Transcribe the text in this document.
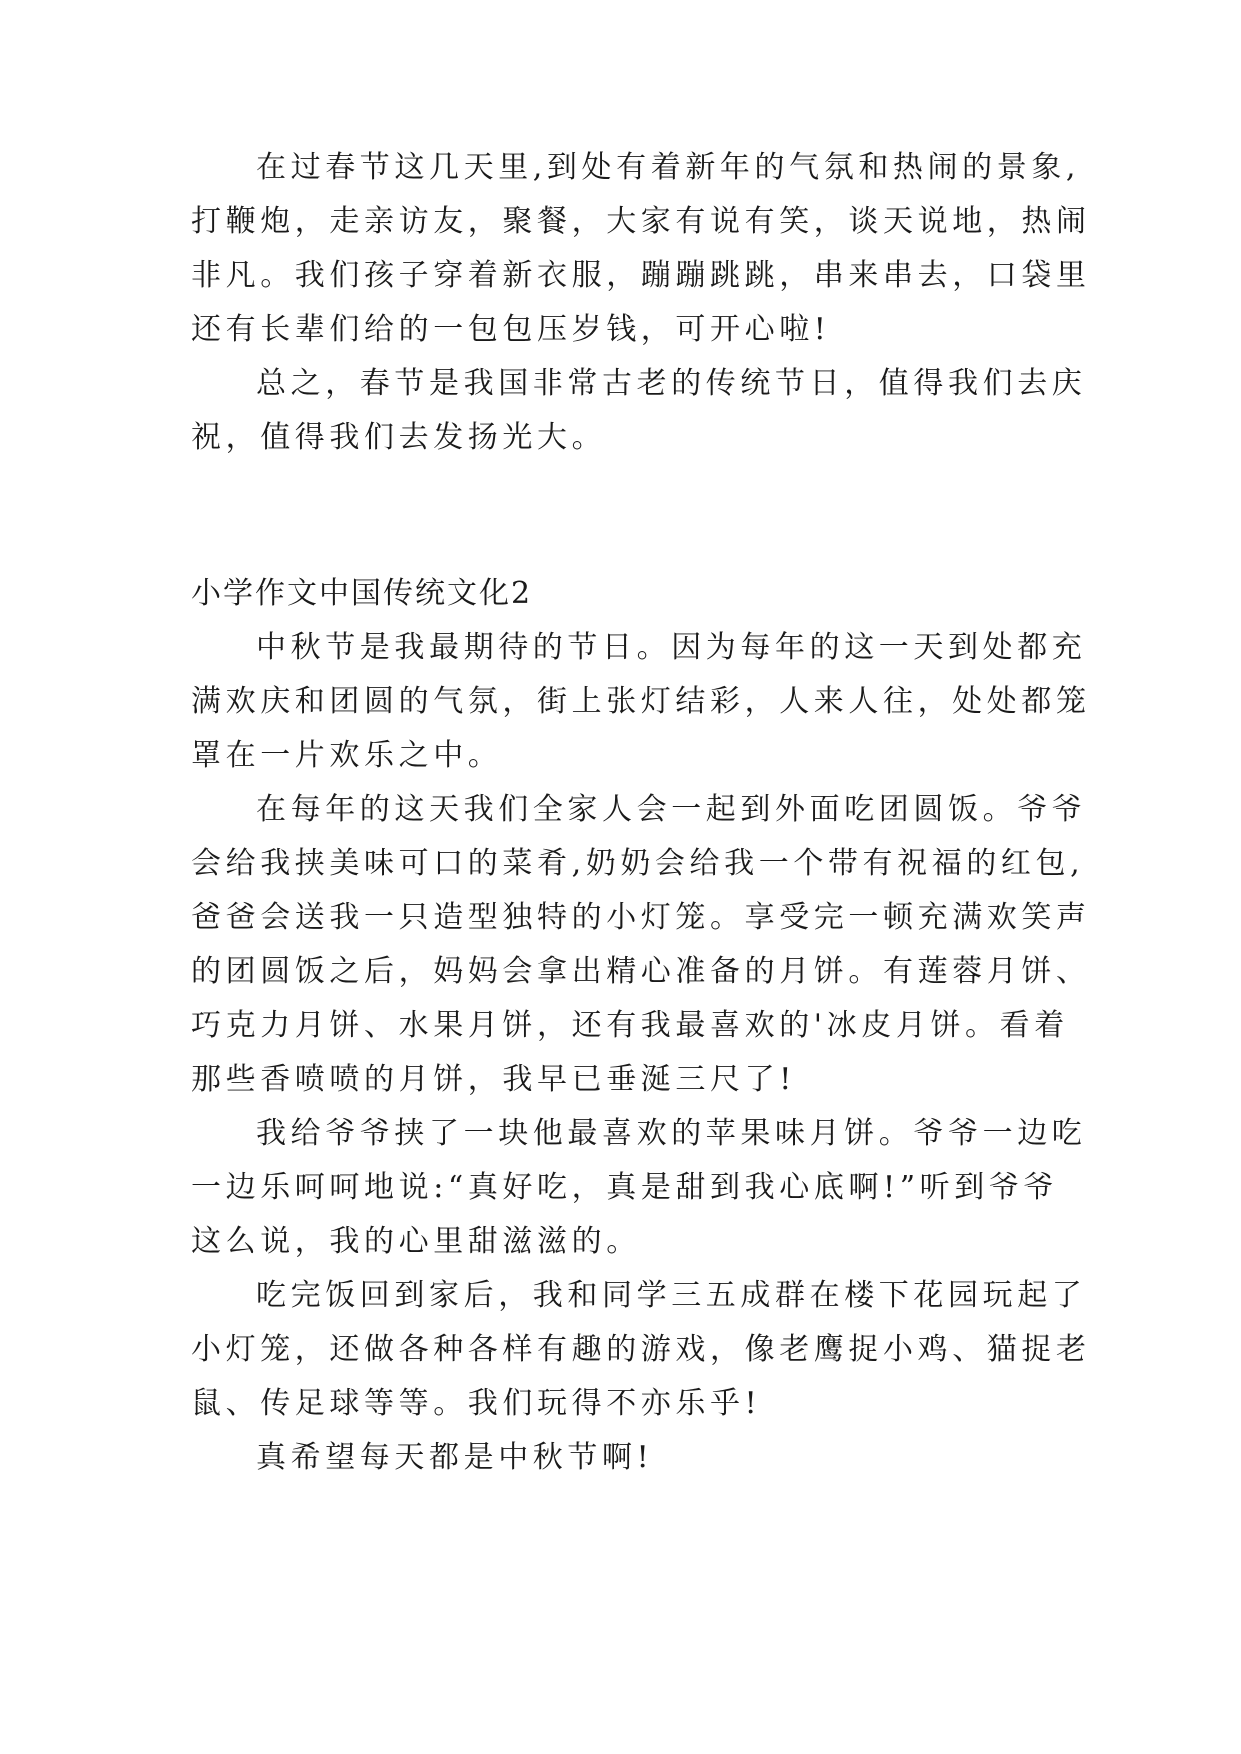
在过春节这几天里,到处有着新年的气氛和热闹的景象,
打鞭炮，走亲访友，聚餐，大家有说有笑，谈天说地，热闹
非凡。我们孩子穿着新衣服，蹦蹦跳跳，串来串去，口袋里
还有长辈们给的一包包压岁钱，可开心啦!
总之，春节是我国非常古老的传统节日，值得我们去庆
祝，值得我们去发扬光大。
小学作文中国传统文化2
中秋节是我最期待的节日。因为每年的这一天到处都充
满欢庆和团圆的气氛，街上张灯结彩，人来人往，处处都笼
罩在一片欢乐之中。
在每年的这天我们全家人会一起到外面吃团圆饭。爷爷
会给我挟美味可口的菜肴,奶奶会给我一个带有祝福的红包,
爸爸会送我一只造型独特的小灯笼。享受完一顿充满欢笑声
的团圆饭之后，妈妈会拿出精心准备的月饼。有莲蓉月饼、
巧克力月饼、水果月饼，还有我最喜欢的'冰皮月饼。看着
那些香喷喷的月饼，我早已垂涎三尺了!
我给爷爷挟了一块他最喜欢的苹果味月饼。爷爷一边吃
一边乐呵呵地说:“真好吃，真是甜到我心底啊!”听到爷爷
这么说，我的心里甜滋滋的。
吃完饭回到家后，我和同学三五成群在楼下花园玩起了
小灯笼，还做各种各样有趣的游戏，像老鹰捉小鸡、猫捉老
鼠、传足球等等。我们玩得不亦乐乎!
真希望每天都是中秋节啊!
